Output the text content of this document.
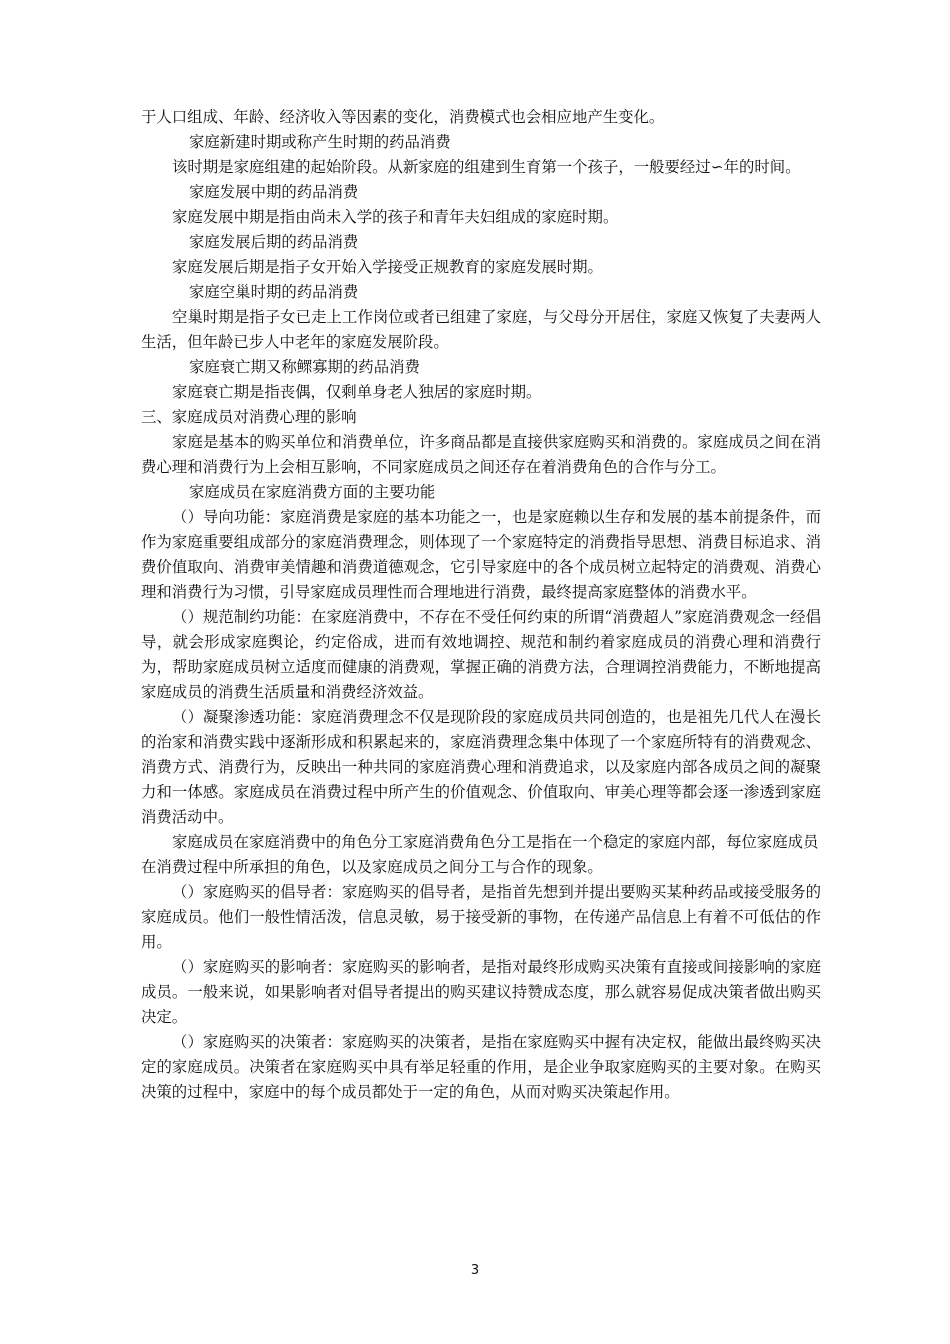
于人口组成、年龄、经济收入等因素的变化，消费模式也会相应地产生变化。

家庭新建时期或称产生时期的药品消费

该时期是家庭组建的起始阶段。从新家庭的组建到生育第一个孩子，一般要经过∽年的时间。

家庭发展中期的药品消费

家庭发展中期是指由尚未入学的孩子和青年夫妇组成的家庭时期。

家庭发展后期的药品消费

家庭发展后期是指子女开始入学接受正规教育的家庭发展时期。

家庭空巢时期的药品消费

空巢时期是指子女已走上工作岗位或者已组建了家庭，与父母分开居住，家庭又恢复了夫妻两人生活，但年龄已步人中老年的家庭发展阶段。

家庭衰亡期又称鳏寡期的药品消费

家庭衰亡期是指丧偶，仅剩单身老人独居的家庭时期。

三、家庭成员对消费心理的影响

家庭是基本的购买单位和消费单位，许多商品都是直接供家庭购买和消费的。家庭成员之间在消费心理和消费行为上会相互影响，不同家庭成员之间还存在着消费角色的合作与分工。

家庭成员在家庭消费方面的主要功能

（）导向功能：家庭消费是家庭的基本功能之一，也是家庭赖以生存和发展的基本前提条件，而作为家庭重要组成部分的家庭消费理念，则体现了一个家庭特定的消费指导思想、消费目标追求、消费价值取向、消费审美情趣和消费道德观念，它引导家庭中的各个成员树立起特定的消费观、消费心理和消费行为习惯，引导家庭成员理性而合理地进行消费，最终提高家庭整体的消费水平。

（）规范制约功能：在家庭消费中，不存在不受任何约束的所谓“消费超人”家庭消费观念一经倡导，就会形成家庭舆论，约定俗成，进而有效地调控、规范和制约着家庭成员的消费心理和消费行为，帮助家庭成员树立适度而健康的消费观，掌握正确的消费方法，合理调控消费能力，不断地提高家庭成员的消费生活质量和消费经济效益。

（）凝聚渗透功能：家庭消费理念不仅是现阶段的家庭成员共同创造的，也是祖先几代人在漫长的治家和消费实践中逐渐形成和积累起来的，家庭消费理念集中体现了一个家庭所特有的消费观念、消费方式、消费行为，反映出一种共同的家庭消费心理和消费追求，以及家庭内部各成员之间的凝聚力和一体感。家庭成员在消费过程中所产生的价值观念、价值取向、审美心理等都会逐一渗透到家庭消费活动中。

家庭成员在家庭消费中的角色分工家庭消费角色分工是指在一个稳定的家庭内部，每位家庭成员在消费过程中所承担的角色，以及家庭成员之间分工与合作的现象。

（）家庭购买的倡导者：家庭购买的倡导者，是指首先想到并提出要购买某种药品或接受服务的家庭成员。他们一般性情活泼，信息灵敏，易于接受新的事物，在传递产品信息上有着不可低估的作用。

（）家庭购买的影响者：家庭购买的影响者，是指对最终形成购买决策有直接或间接影响的家庭成员。一般来说，如果影响者对倡导者提出的购买建议持赞成态度，那么就容易促成决策者做出购买决定。

（）家庭购买的决策者：家庭购买的决策者，是指在家庭购买中握有决定权，能做出最终购买决定的家庭成员。决策者在家庭购买中具有举足轻重的作用，是企业争取家庭购买的主要对象。在购买决策的过程中，家庭中的每个成员都处于一定的角色，从而对购买决策起作用。

3
